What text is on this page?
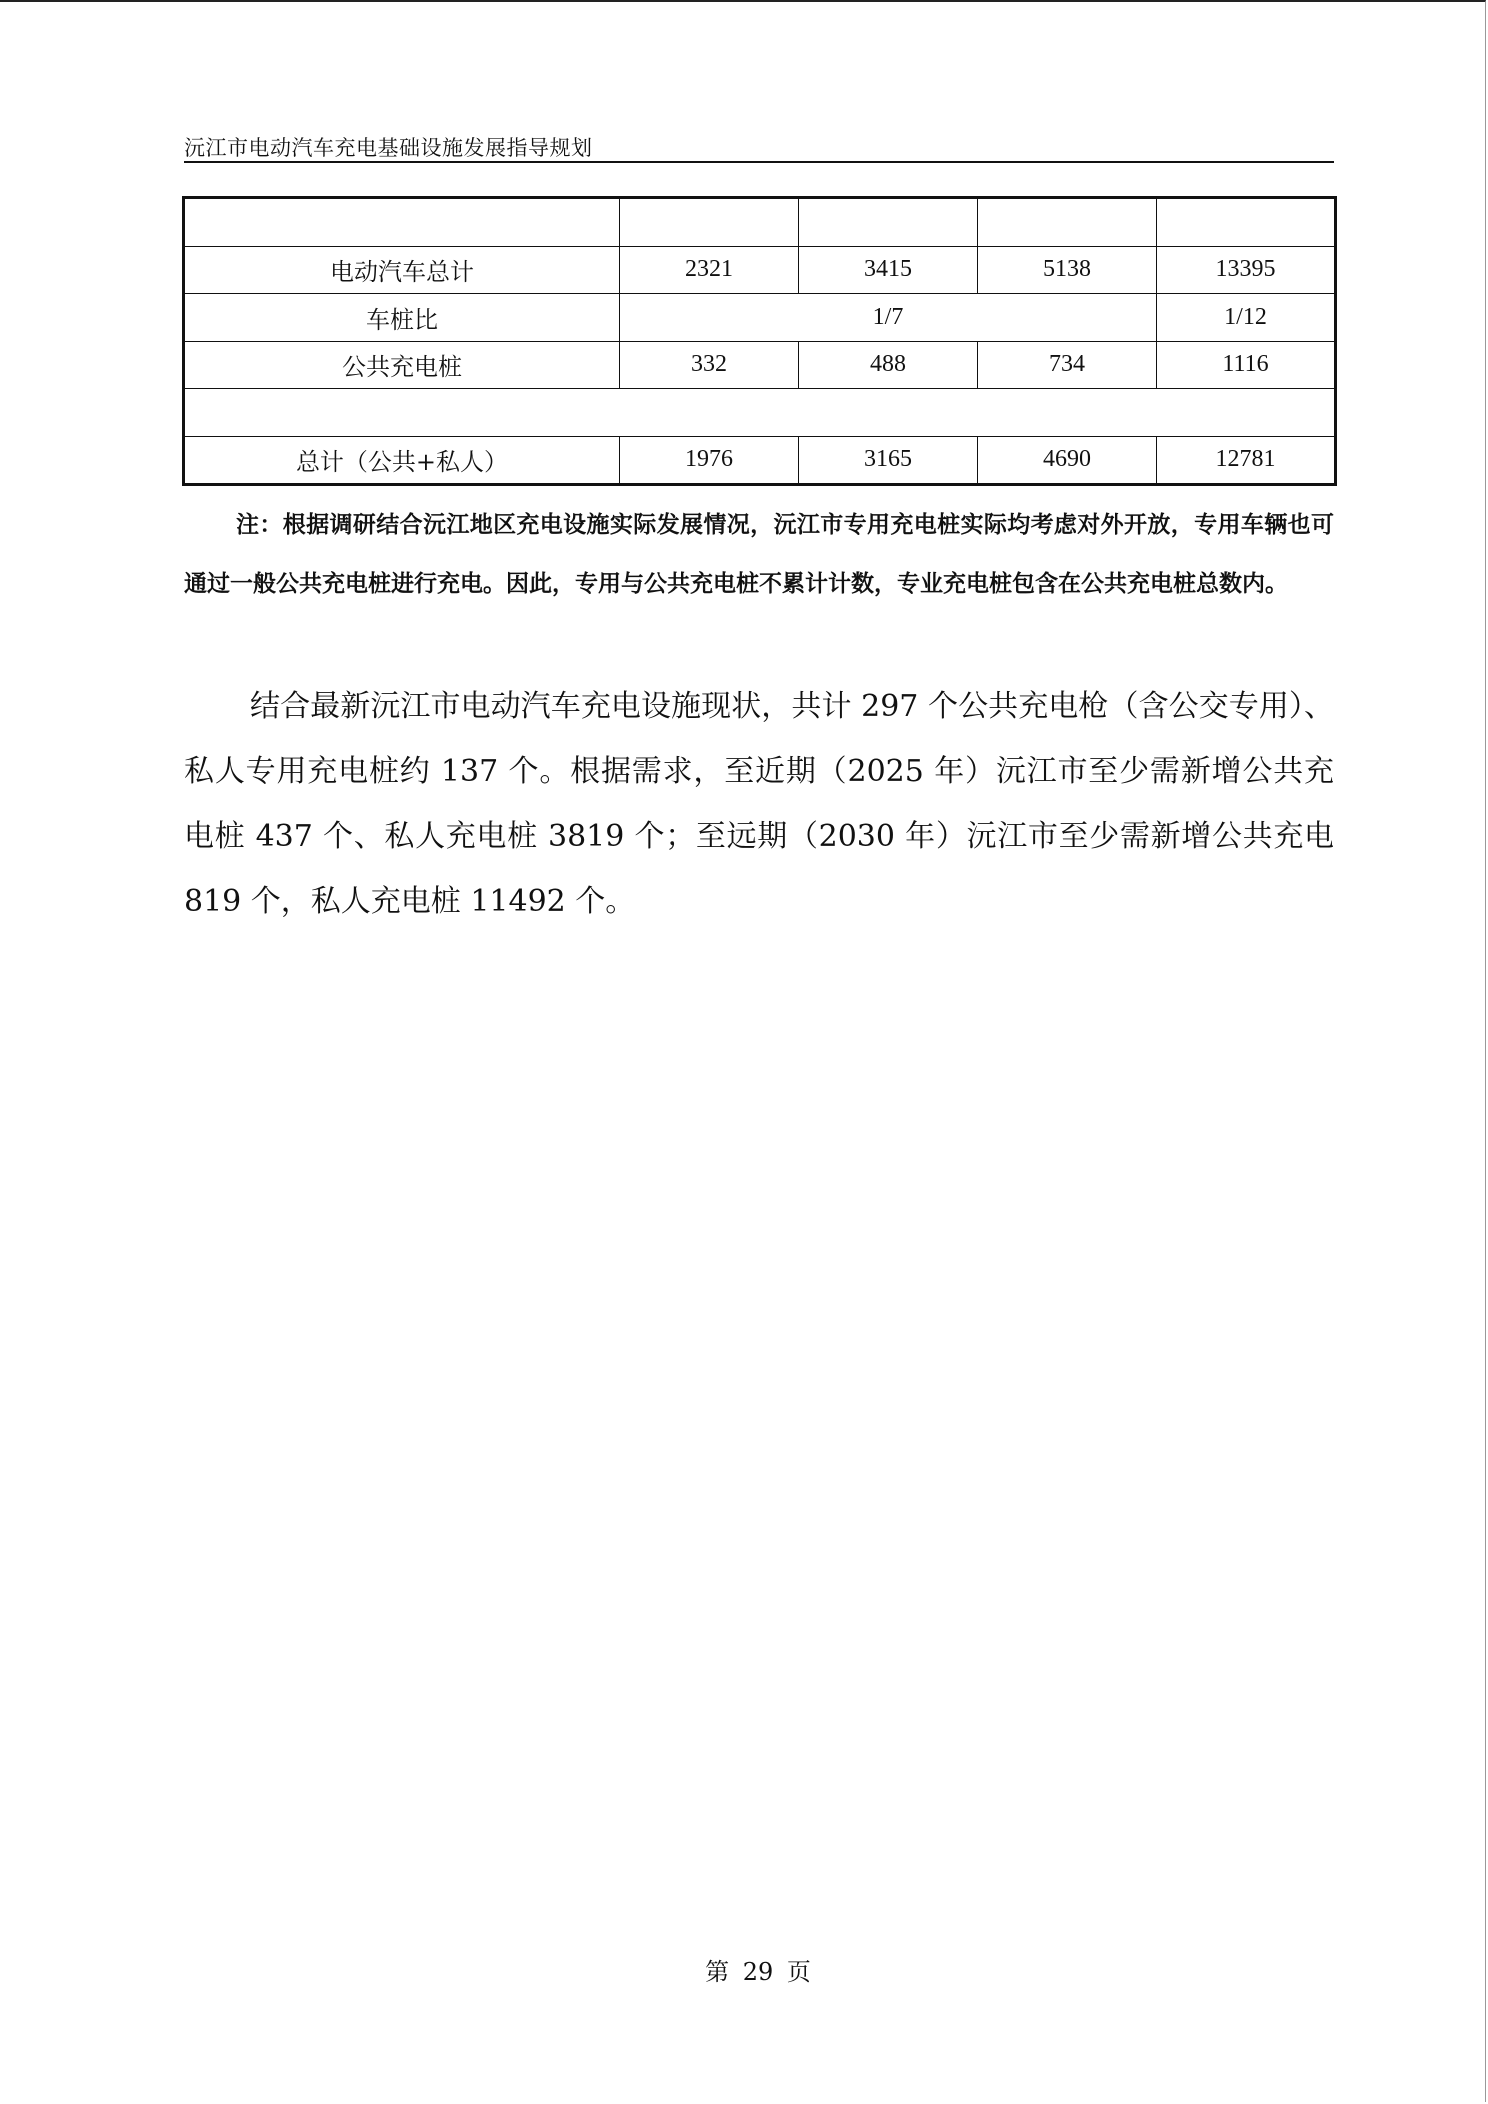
沅江市电动汽车充电基础设施发展指导规划

电动汽车总计	2321	3415	5138	13395
车桩比	1/7			1/12
公共充电桩	332	488	734	1116

总计（公共+私人）	1976	3165	4690	12781
注：根据调研结合沅江地区充电设施实际发展情况，沅江市专用充电桩实际均考虑对外开放，专用车辆也可通过一般公共充电桩进行充电。因此，专用与公共充电桩不累计计数，专业充电桩包含在公共充电桩总数内。
结合最新沅江市电动汽车充电设施现状，共计 297 个公共充电枪（含公交专用）、私人专用充电桩约 137 个。根据需求，至近期（2025 年）沅江市至少需新增公共充电桩 437 个、私人充电桩 3819 个；至远期（2030 年）沅江市至少需新增公共充电 819 个，私人充电桩 11492 个。
第 29 页
